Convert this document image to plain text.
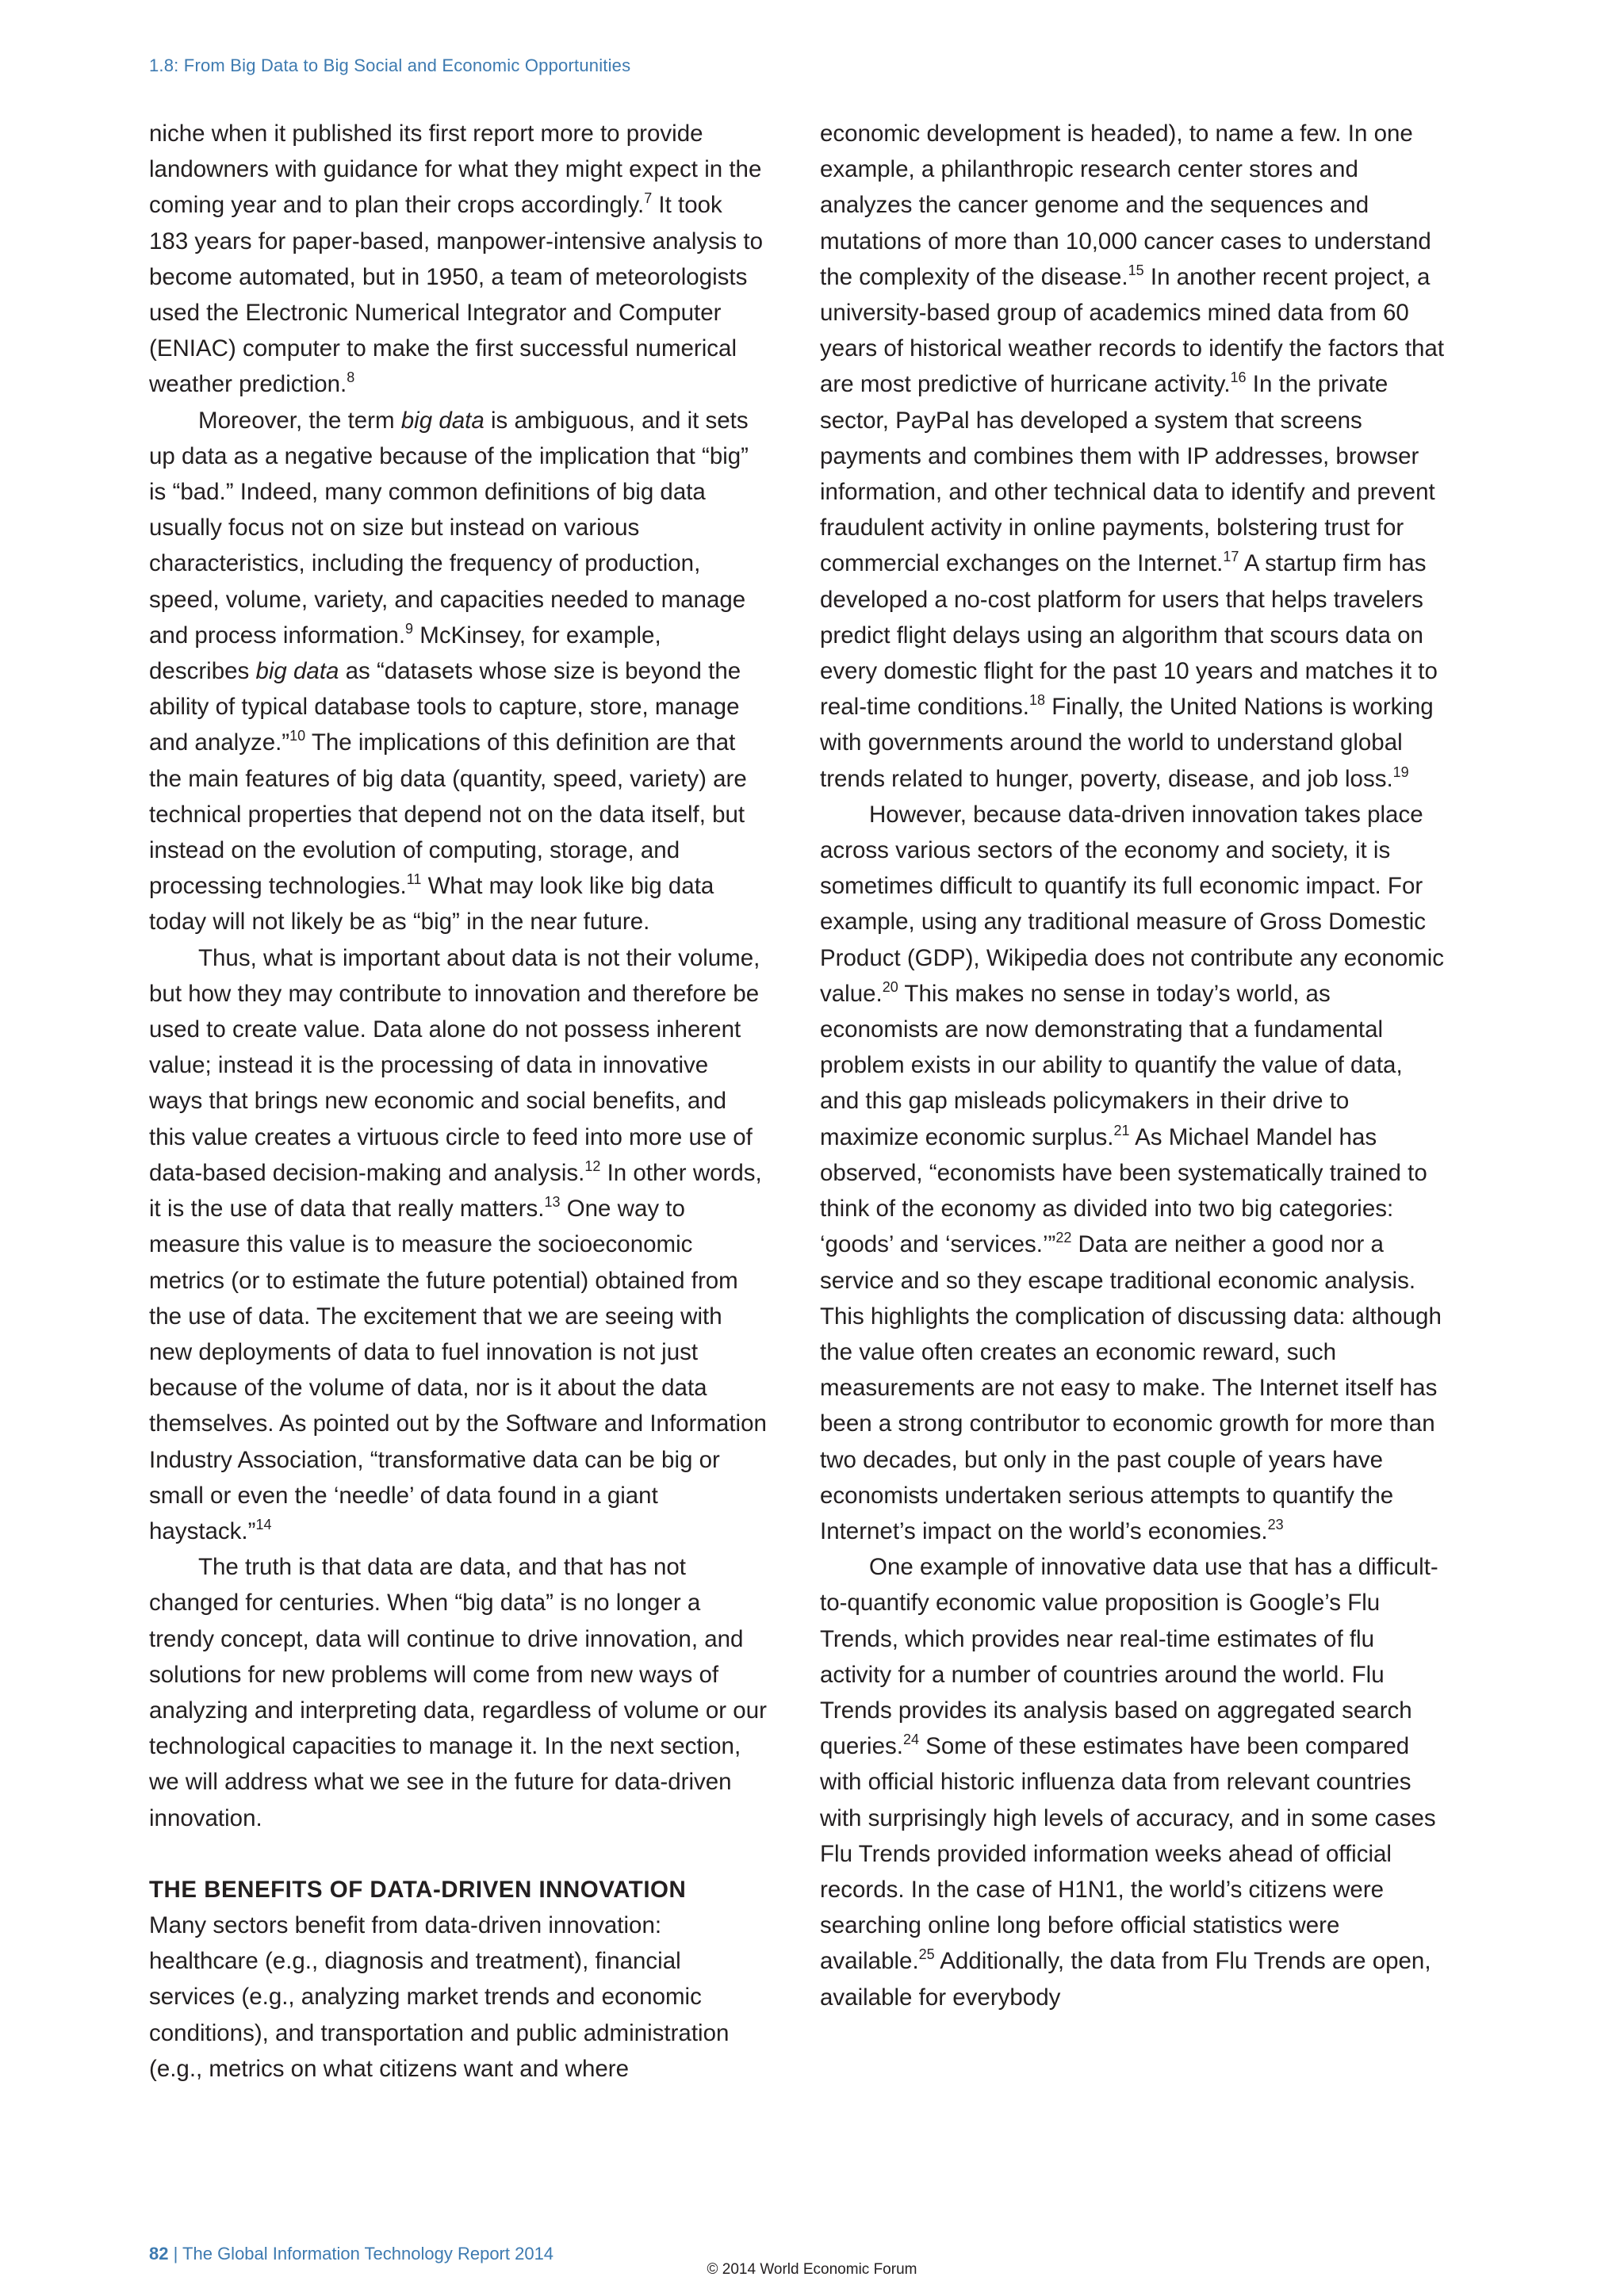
1.8: From Big Data to Big Social and Economic Opportunities

niche when it published its first report more to provide landowners with guidance for what they might expect in the coming year and to plan their crops accordingly.$^7$ It took 183 years for paper-based, manpower-intensive analysis to become automated, but in 1950, a team of meteorologists used the Electronic Numerical Integrator and Computer (ENIAC) computer to make the first successful numerical weather prediction.$^8$

Moreover, the term big data is ambiguous, and it sets up data as a negative because of the implication that “big” is “bad.” Indeed, many common definitions of big data usually focus not on size but instead on various characteristics, including the frequency of production, speed, volume, variety, and capacities needed to manage and process information.$^9$ McKinsey, for example, describes big data as “datasets whose size is beyond the ability of typical database tools to capture, store, manage and analyze.”$^{10}$ The implications of this definition are that the main features of big data (quantity, speed, variety) are technical properties that depend not on the data itself, but instead on the evolution of computing, storage, and processing technologies.$^{11}$ What may look like big data today will not likely be as “big” in the near future.

Thus, what is important about data is not their volume, but how they may contribute to innovation and therefore be used to create value. Data alone do not possess inherent value; instead it is the processing of data in innovative ways that brings new economic and social benefits, and this value creates a virtuous circle to feed into more use of data-based decision-making and analysis.$^{12}$ In other words, it is the use of data that really matters.$^{13}$ One way to measure this value is to measure the socioeconomic metrics (or to estimate the future potential) obtained from the use of data. The excitement that we are seeing with new deployments of data to fuel innovation is not just because of the volume of data, nor is it about the data themselves. As pointed out by the Software and Information Industry Association, “transformative data can be big or small or even the ‘needle’ of data found in a giant haystack.”$^{14}$

The truth is that data are data, and that has not changed for centuries. When “big data” is no longer a trendy concept, data will continue to drive innovation, and solutions for new problems will come from new ways of analyzing and interpreting data, regardless of volume or our technological capacities to manage it. In the next section, we will address what we see in the future for data-driven innovation.

THE BENEFITS OF DATA-DRIVEN INNOVATION

Many sectors benefit from data-driven innovation: healthcare (e.g., diagnosis and treatment), financial services (e.g., analyzing market trends and economic conditions), and transportation and public administration (e.g., metrics on what citizens want and where

economic development is headed), to name a few. In one example, a philanthropic research center stores and analyzes the cancer genome and the sequences and mutations of more than 10,000 cancer cases to understand the complexity of the disease.$^{15}$ In another recent project, a university-based group of academics mined data from 60 years of historical weather records to identify the factors that are most predictive of hurricane activity.$^{16}$ In the private sector, PayPal has developed a system that screens payments and combines them with IP addresses, browser information, and other technical data to identify and prevent fraudulent activity in online payments, bolstering trust for commercial exchanges on the Internet.$^{17}$ A startup firm has developed a no-cost platform for users that helps travelers predict flight delays using an algorithm that scours data on every domestic flight for the past 10 years and matches it to real-time conditions.$^{18}$ Finally, the United Nations is working with governments around the world to understand global trends related to hunger, poverty, disease, and job loss.$^{19}$

However, because data-driven innovation takes place across various sectors of the economy and society, it is sometimes difficult to quantify its full economic impact. For example, using any traditional measure of Gross Domestic Product (GDP), Wikipedia does not contribute any economic value.$^{20}$ This makes no sense in today’s world, as economists are now demonstrating that a fundamental problem exists in our ability to quantify the value of data, and this gap misleads policymakers in their drive to maximize economic surplus.$^{21}$ As Michael Mandel has observed, “economists have been systematically trained to think of the economy as divided into two big categories: ‘goods’ and ‘services.’”$^{22}$ Data are neither a good nor a service and so they escape traditional economic analysis. This highlights the complication of discussing data: although the value often creates an economic reward, such measurements are not easy to make. The Internet itself has been a strong contributor to economic growth for more than two decades, but only in the past couple of years have economists undertaken serious attempts to quantify the Internet’s impact on the world’s economies.$^{23}$

One example of innovative data use that has a difficult-to-quantify economic value proposition is Google’s Flu Trends, which provides near real-time estimates of flu activity for a number of countries around the world. Flu Trends provides its analysis based on aggregated search queries.$^{24}$ Some of these estimates have been compared with official historic influenza data from relevant countries with surprisingly high levels of accuracy, and in some cases Flu Trends provided information weeks ahead of official records. In the case of H1N1, the world’s citizens were searching online long before official statistics were available.$^{25}$ Additionally, the data from Flu Trends are open, available for everybody

82 | The Global Information Technology Report 2014
© 2014 World Economic Forum
